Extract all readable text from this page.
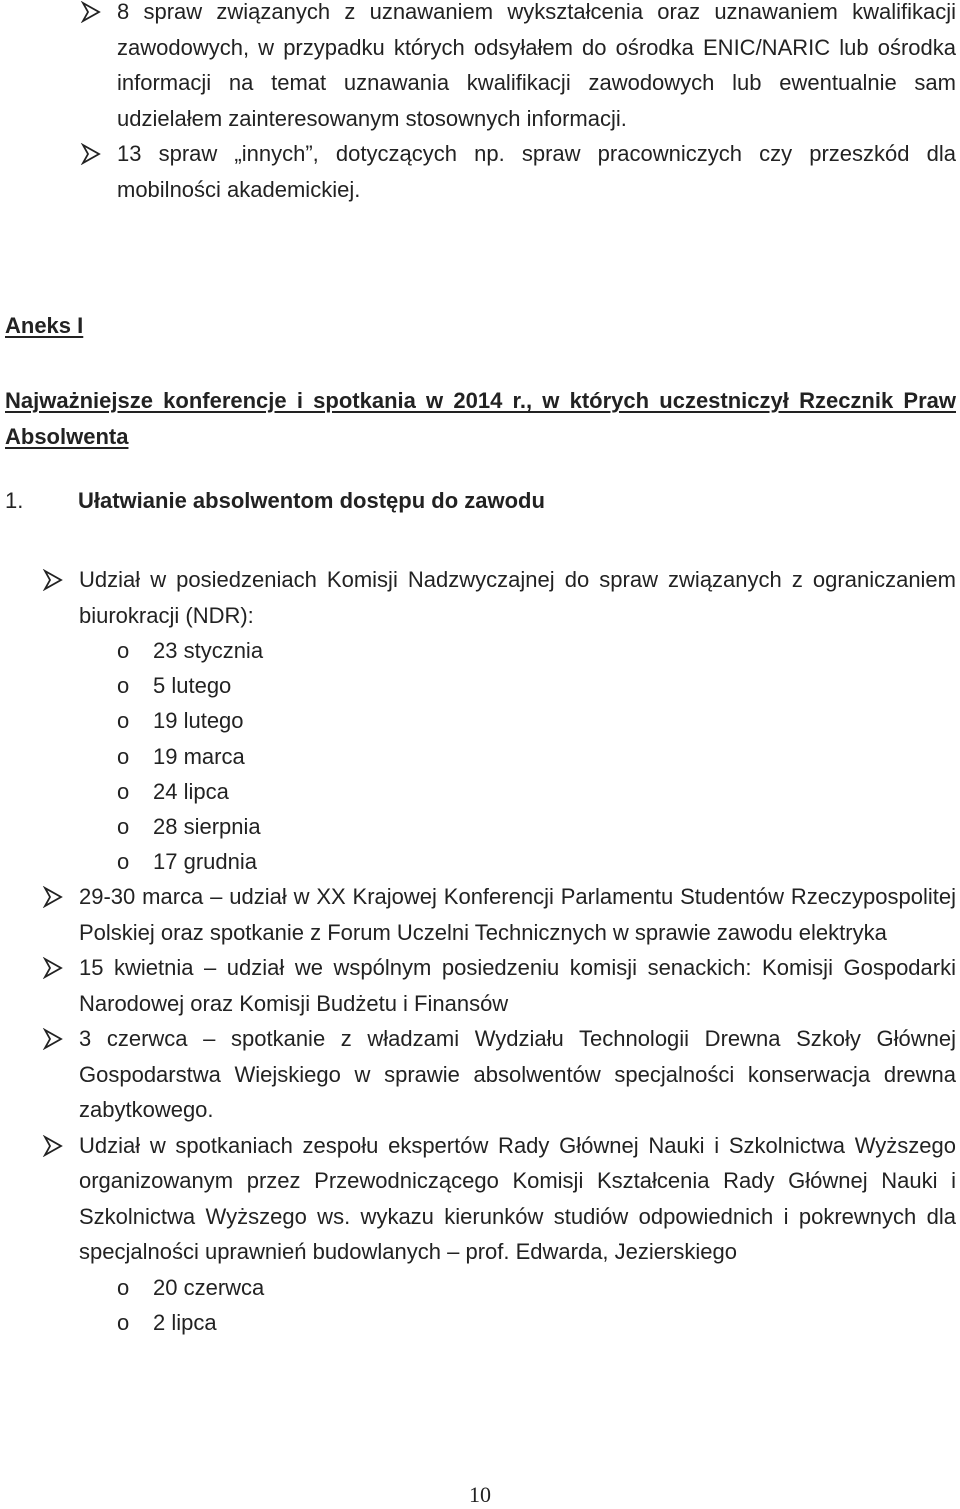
8 spraw związanych z uznawaniem wykształcenia oraz uznawaniem kwalifikacji zawodowych, w przypadku których odsyłałem do ośrodka ENIC/NARIC lub ośrodka informacji na temat uznawania kwalifikacji zawodowych lub ewentualnie sam udzielałem zainteresowanym stosownych informacji.

13 spraw „innych”, dotyczących np. spraw pracowniczych czy przeszkód dla mobilności akademickiej.

Aneks I
Najważniejsze konferencje i spotkania w 2014 r., w których uczestniczył Rzecznik Praw Absolwenta
1. Ułatwianie absolwentom dostępu do zawodu

Udział w posiedzeniach Komisji Nadzwyczajnej do spraw związanych z ograniczaniem biurokracji (NDR):

o 23 stycznia
o 5 lutego
o 19 lutego
o 19 marca
o 24 lipca
o 28 sierpnia
o 17 grudnia

29-30 marca – udział w XX Krajowej Konferencji Parlamentu Studentów Rzeczypospolitej Polskiej oraz spotkanie z Forum Uczelni Technicznych w sprawie zawodu elektryka

15 kwietnia – udział we wspólnym posiedzeniu komisji senackich: Komisji Gospodarki Narodowej oraz Komisji Budżetu i Finansów

3 czerwca – spotkanie z władzami Wydziału Technologii Drewna Szkoły Głównej Gospodarstwa Wiejskiego w sprawie absolwentów specjalności konserwacja drewna zabytkowego.

Udział w spotkaniach zespołu ekspertów Rady Głównej Nauki i Szkolnictwa Wyższego organizowanym przez Przewodniczącego Komisji Kształcenia Rady Głównej Nauki i Szkolnictwa Wyższego ws. wykazu kierunków studiów odpowiednich i pokrewnych dla specjalności uprawnień budowlanych – prof. Edwarda, Jezierskiego

o 20 czerwca
o 2 lipca
10
